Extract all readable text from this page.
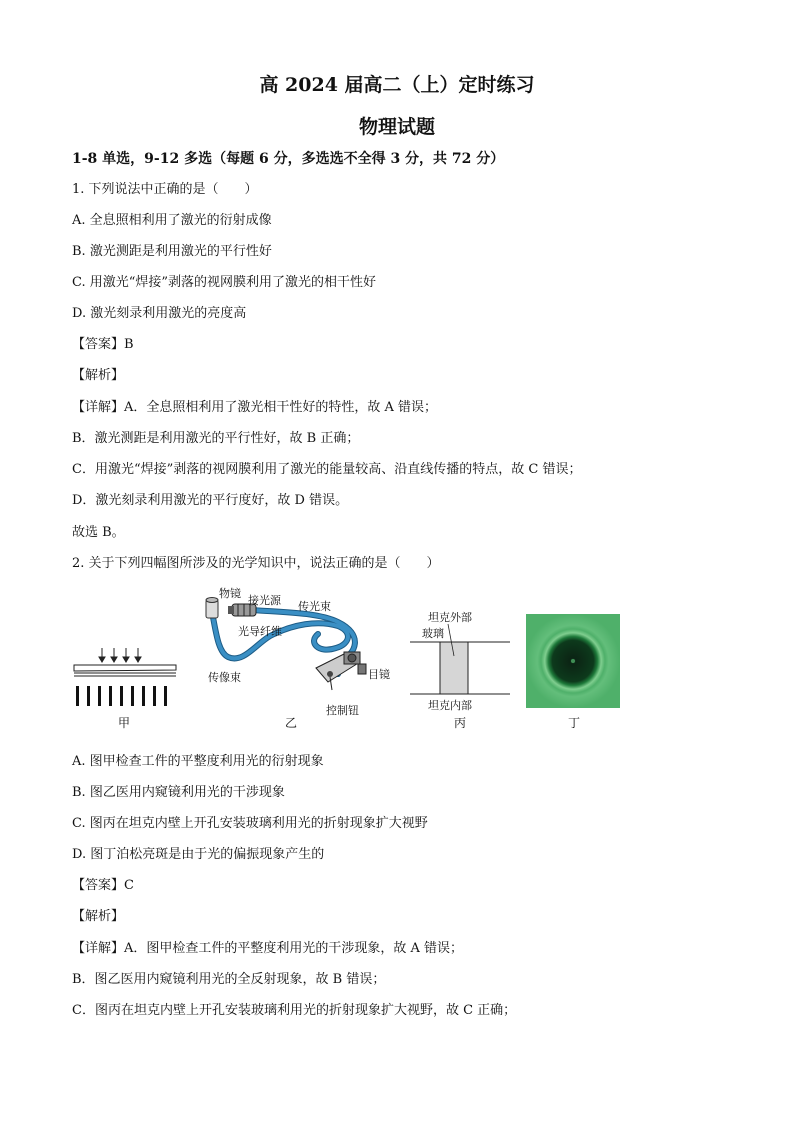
高 2024 届高二（上）定时练习
物理试题
1-8 单选，9-12 多选（每题 6 分，多选选不全得 3 分，共 72 分）
1. 下列说法中正确的是（　　）
A. 全息照相利用了激光的衍射成像
B. 激光测距是利用激光的平行性好
C. 用激光“焊接”剥落的视网膜利用了激光的相干性好
D. 激光刻录利用激光的亮度高
【答案】B
【解析】
【详解】A．全息照相利用了激光相干性好的特性，故 A 错误；
B．激光测距是利用激光的平行性好，故 B 正确；
C．用激光“焊接”剥落的视网膜利用了激光的能量较高、沿直线传播的特点，故 C 错误；
D．激光刻录利用激光的平行度好，故 D 错误。
故选 B。
2. 关于下列四幅图所涉及的光学知识中，说法正确的是（　　）
甲
物镜
接光源 传光束
光导纤维
传像束	目镜
控制钮
乙
坦克外部
玻璃
坦克内部
丙	丁
A. 图甲检查工件的平整度利用光的衍射现象
B. 图乙医用内窥镜利用光的干涉现象
C. 图丙在坦克内壁上开孔安装玻璃利用光的折射现象扩大视野
D. 图丁泊松亮斑是由于光的偏振现象产生的
【答案】C
【解析】
【详解】A．图甲检查工件的平整度利用光的干涉现象，故 A 错误；
B．图乙医用内窥镜利用光的全反射现象，故 B 错误；
C．图丙在坦克内壁上开孔安装玻璃利用光的折射现象扩大视野，故 C 正确；
